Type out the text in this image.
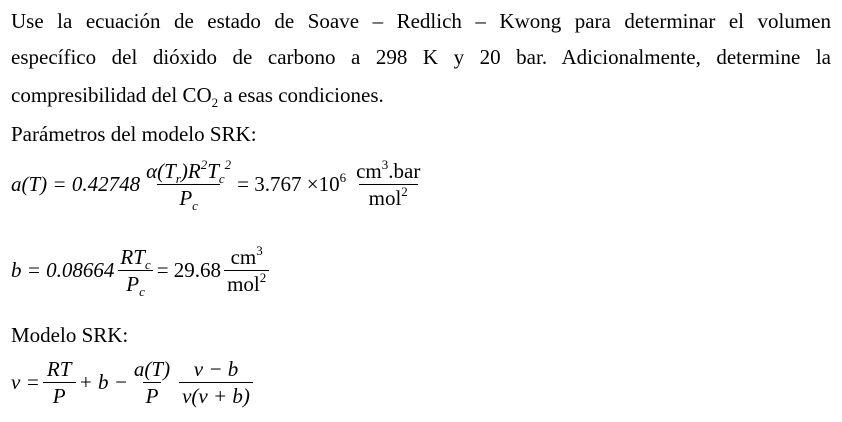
Use la ecuación de estado de Soave – Redlich – Kwong para determinar el volumen
específico del dióxido de carbono a 298 K y 20 bar. Adicionalmente, determine la
compresibilidad del $CO_2$ a esas condiciones.
Parámetros del modelo SRK:
$a(T) = 0.42748 \frac{\alpha(T_r)R^2T_c^2}{P_c} = 3.767 \times 10^6 \frac{cm^3.bar}{mol^2}$
$b = 0.08664 \frac{RT_c}{P_c} = 29.68 \frac{cm^3}{mol^2}$
Modelo SRK:
$v = \frac{RT}{P} + b - \frac{a(T)}{P} \frac{v - b}{v(v + b)}$
